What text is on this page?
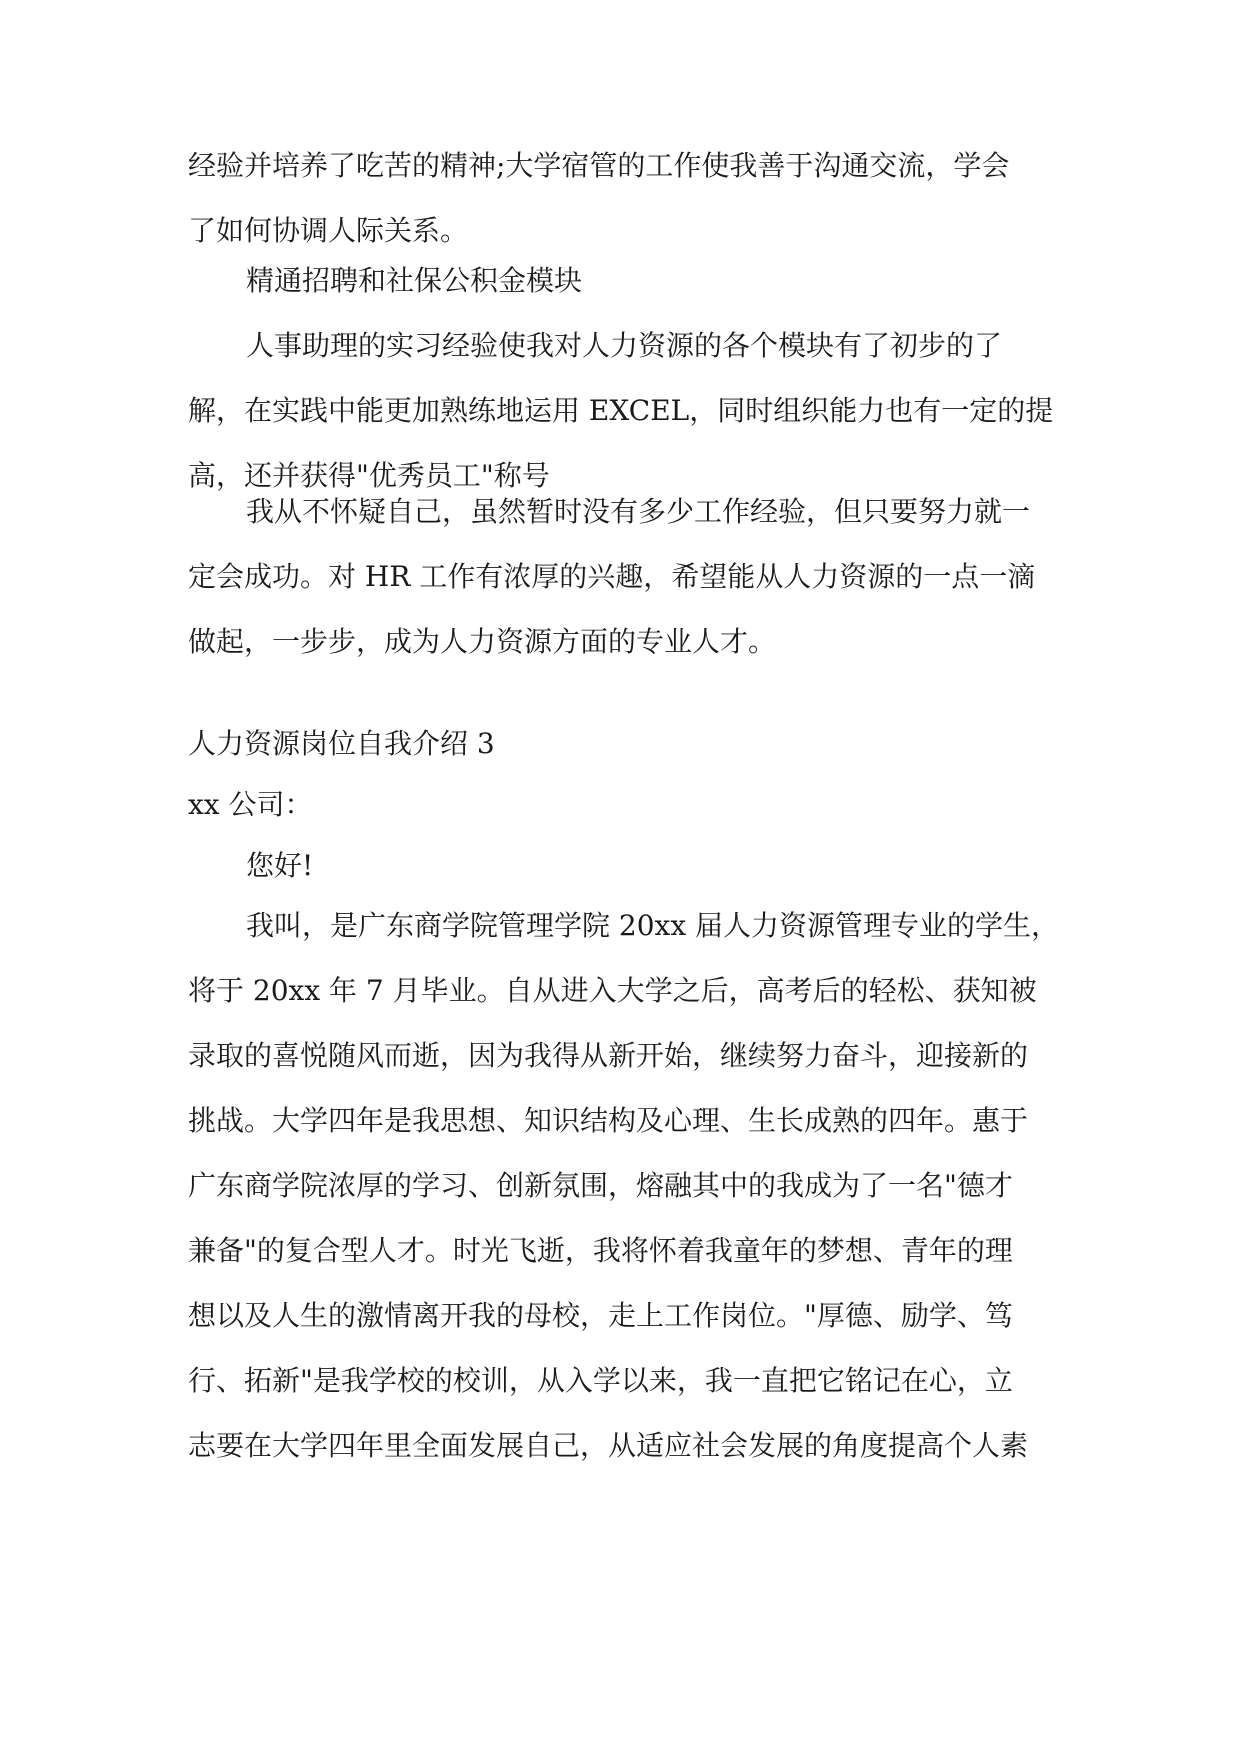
经验并培养了吃苦的精神;大学宿管的工作使我善于沟通交流，学会
了如何协调人际关系。
精通招聘和社保公积金模块
人事助理的实习经验使我对人力资源的各个模块有了初步的了
解，在实践中能更加熟练地运用 EXCEL，同时组织能力也有一定的提
高，还并获得"优秀员工"称号
我从不怀疑自己，虽然暂时没有多少工作经验，但只要努力就一
定会成功。对 HR 工作有浓厚的兴趣，希望能从人力资源的一点一滴
做起，一步步，成为人力资源方面的专业人才。
人力资源岗位自我介绍 3
xx 公司：
您好!
我叫，是广东商学院管理学院 20xx 届人力资源管理专业的学生，
将于 20xx 年 7 月毕业。自从进入大学之后，高考后的轻松、获知被
录取的喜悦随风而逝，因为我得从新开始，继续努力奋斗，迎接新的
挑战。大学四年是我思想、知识结构及心理、生长成熟的四年。惠于
广东商学院浓厚的学习、创新氛围，熔融其中的我成为了一名"德才
兼备"的复合型人才。时光飞逝，我将怀着我童年的梦想、青年的理
想以及人生的激情离开我的母校，走上工作岗位。"厚德、励学、笃
行、拓新"是我学校的校训，从入学以来，我一直把它铭记在心，立
志要在大学四年里全面发展自己，从适应社会发展的角度提高个人素
